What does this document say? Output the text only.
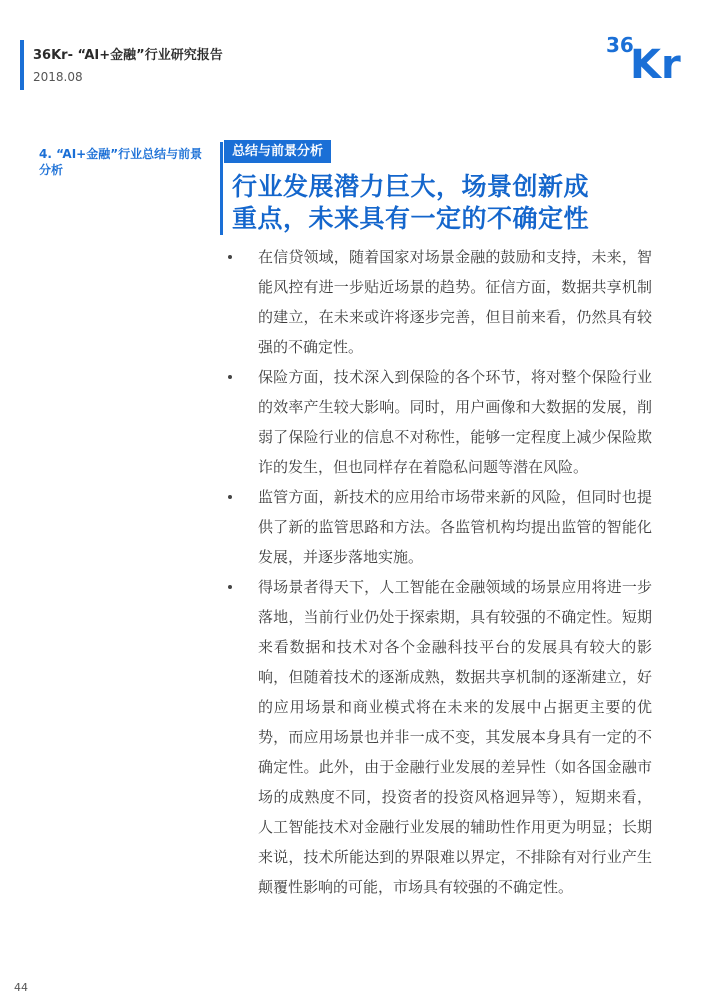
36Kr- “AI+金融”行业研究报告
2018.08
36
Kr
4. “AI+金融”行业总结与前景分析
总结与前景分析
行业发展潜力巨大，场景创新成
重点，未来具有一定的不确定性
在信贷领域，随着国家对场景金融的鼓励和支持，未来，智能风控有进一步贴近场景的趋势。征信方面，数据共享机制的建立，在未来或许将逐步完善，但目前来看，仍然具有较强的不确定性。
保险方面，技术深入到保险的各个环节，将对整个保险行业的效率产生较大影响。同时，用户画像和大数据的发展，削弱了保险行业的信息不对称性，能够一定程度上减少保险欺诈的发生，但也同样存在着隐私问题等潜在风险。
监管方面，新技术的应用给市场带来新的风险，但同时也提供了新的监管思路和方法。各监管机构均提出监管的智能化发展，并逐步落地实施。
得场景者得天下，人工智能在金融领域的场景应用将进一步落地，当前行业仍处于探索期，具有较强的不确定性。短期来看数据和技术对各个金融科技平台的发展具有较大的影响，但随着技术的逐渐成熟，数据共享机制的逐渐建立，好的应用场景和商业模式将在未来的发展中占据更主要的优势，而应用场景也并非一成不变，其发展本身具有一定的不确定性。此外，由于金融行业发展的差异性（如各国金融市场的成熟度不同，投资者的投资风格迥异等），短期来看，人工智能技术对金融行业发展的辅助性作用更为明显；长期来说，技术所能达到的界限难以界定，不排除有对行业产生颠覆性影响的可能，市场具有较强的不确定性。
44
